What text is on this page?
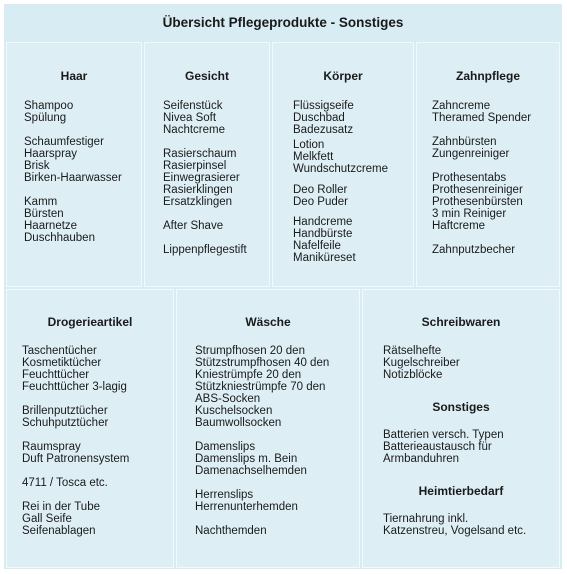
Übersicht Pflegeprodukte - Sonstiges
Haar
Shampoo
Spülung
Schaumfestiger
Haarspray
Brisk
Birken-Haarwasser
Kamm
Bürsten
Haarnetze
Duschhauben
Gesicht
Seifenstück
Nivea Soft
Nachtcreme
Rasierschaum
Rasierpinsel
Einwegrasierer
Rasierklingen
Ersatzklingen
After Shave
Lippenpflegestift
Körper
Flüssigseife
Duschbad
Badezusatz
Lotion
Melkfett
Wundschutzcreme
Deo Roller
Deo Puder
Handcreme
Handbürste
Nafelfeile
Maniküreset
Zahnpflege
Zahncreme
Theramed Spender
Zahnbürsten
Zungenreiniger
Prothesentabs
Prothesenreiniger
Prothesenbürsten
3 min Reiniger
Haftcreme
Zahnputzbecher
Drogerieartikel
Taschentücher
Kosmetiktücher
Feuchttücher
Feuchttücher 3-lagig
Brillenputztücher
Schuhputztücher
Raumspray
Duft Patronensystem
4711 / Tosca etc.
Rei in der Tube
Gall Seife
Seifenablagen
Wäsche
Strumpfhosen 20 den
Stützstrumpfhosen 40 den
Kniestrümpfe 20 den
Stützkniestrümpfe 70 den
ABS-Socken
Kuschelsocken
Baumwollsocken
Damenslips
Damenslips m. Bein
Damenachselhemden
Herrenslips
Herrenunterhemden
Nachthemden
Schreibwaren
Rätselhefte
Kugelschreiber
Notizblöcke
Sonstiges
Batterien versch. Typen
Batterieaustausch für
Armbanduhren
Heimtierbedarf
Tiernahrung inkl.
Katzenstreu, Vogelsand etc.
